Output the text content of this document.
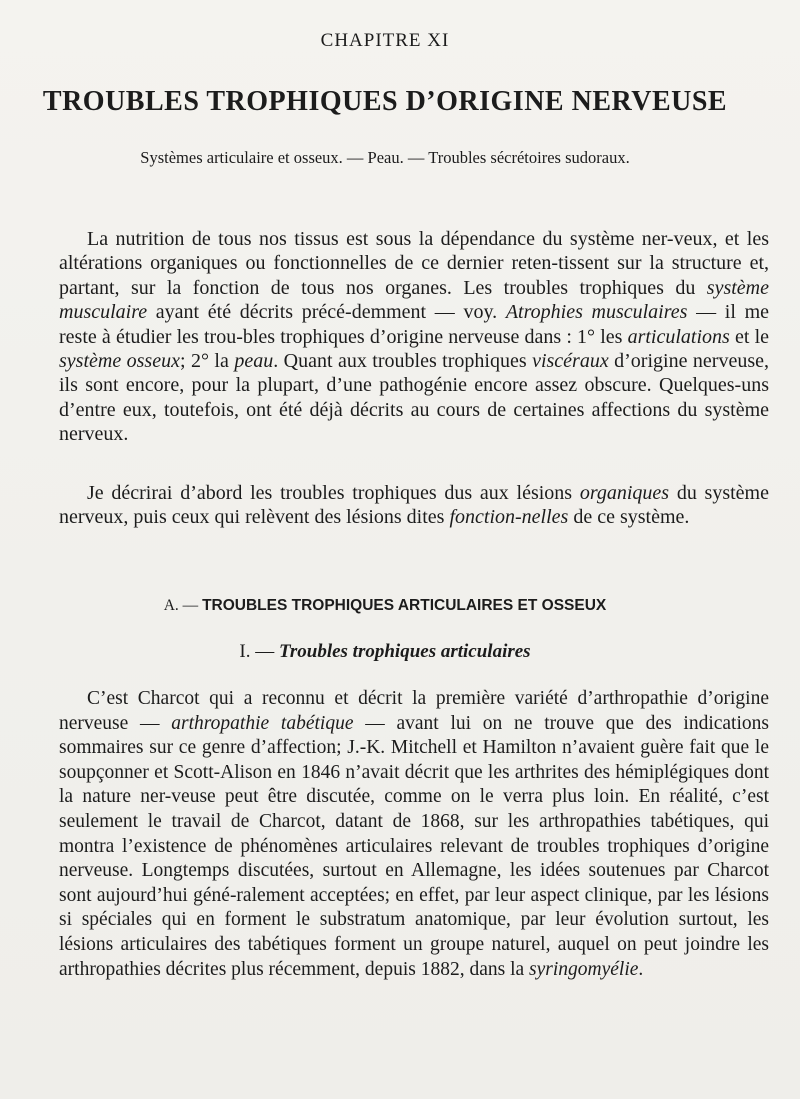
CHAPITRE XI
TROUBLES TROPHIQUES D’ORIGINE NERVEUSE
Systèmes articulaire et osseux. — Peau. — Troubles sécrétoires sudoraux.
La nutrition de tous nos tissus est sous la dépendance du système ner-veux, et les altérations organiques ou fonctionnelles de ce dernier reten-tissent sur la structure et, partant, sur la fonction de tous nos organes. Les troubles trophiques du système musculaire ayant été décrits précé-demment — voy. Atrophies musculaires — il me reste à étudier les trou-bles trophiques d’origine nerveuse dans : 1° les articulations et le système osseux; 2° la peau. Quant aux troubles trophiques viscéraux d’origine nerveuse, ils sont encore, pour la plupart, d’une pathogénie encore assez obscure. Quelques-uns d’entre eux, toutefois, ont été déjà décrits au cours de certaines affections du système nerveux.
Je décrirai d’abord les troubles trophiques dus aux lésions organiques du système nerveux, puis ceux qui relèvent des lésions dites fonction-nelles de ce système.
A. — TROUBLES TROPHIQUES ARTICULAIRES ET OSSEUX
I. — Troubles trophiques articulaires
C’est Charcot qui a reconnu et décrit la première variété d’arthropathie d’origine nerveuse — arthropathie tabétique — avant lui on ne trouve que des indications sommaires sur ce genre d’affection; J.-K. Mitchell et Hamilton n’avaient guère fait que le soupçonner et Scott-Alison en 1846 n’avait décrit que les arthrites des hémiplégiques dont la nature ner-veuse peut être discutée, comme on le verra plus loin. En réalité, c’est seulement le travail de Charcot, datant de 1868, sur les arthropathies tabétiques, qui montra l’existence de phénomènes articulaires relevant de troubles trophiques d’origine nerveuse. Longtemps discutées, surtout en Allemagne, les idées soutenues par Charcot sont aujourd’hui géné-ralement acceptées; en effet, par leur aspect clinique, par les lésions si spéciales qui en forment le substratum anatomique, par leur évolution surtout, les lésions articulaires des tabétiques forment un groupe naturel, auquel on peut joindre les arthropathies décrites plus récemment, depuis 1882, dans la syringomyélie.
